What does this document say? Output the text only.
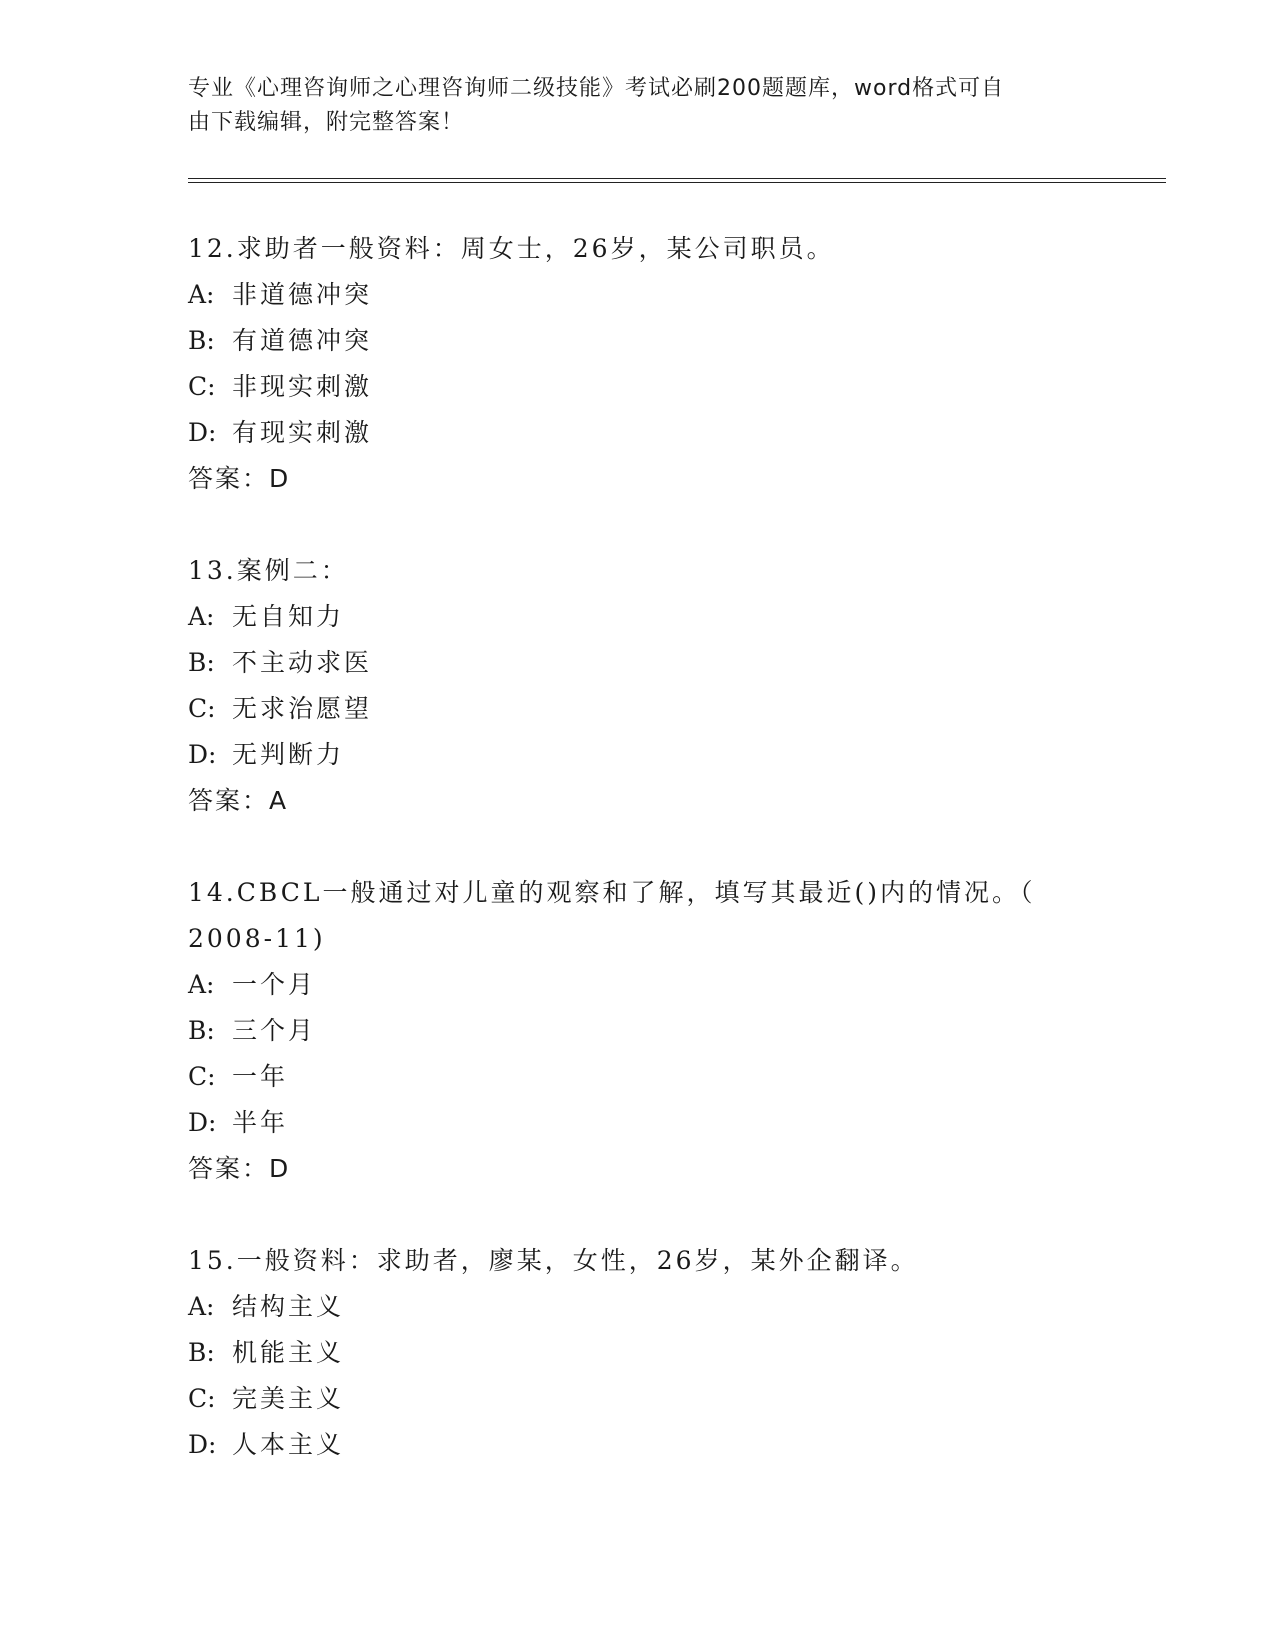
专业《心理咨询师之心理咨询师二级技能》考试必刷200题题库，word格式可自
由下载编辑，附完整答案！
12.求助者一般资料：周女士，26岁，某公司职员。
A: 非道德冲突
B: 有道德冲突
C: 非现实刺激
D: 有现实刺激
答案：D
13.案例二：
A: 无自知力
B: 不主动求医
C: 无求治愿望
D: 无判断力
答案：A
14.CBCL一般通过对儿童的观察和了解，填写其最近()内的情况。（
2008-11)
A: 一个月
B: 三个月
C: 一年
D: 半年
答案：D
15.一般资料：求助者，廖某，女性，26岁，某外企翻译。
A: 结构主义
B: 机能主义
C: 完美主义
D: 人本主义
